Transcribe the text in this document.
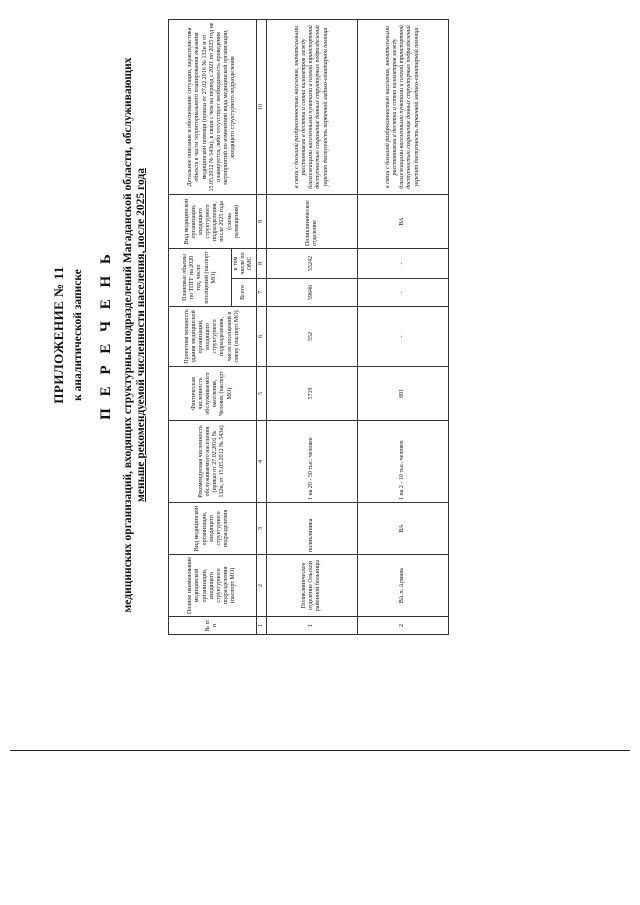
ПРИЛОЖЕНИЕ № 11 к аналитической записке П Е Р Е Ч Е Н Ь медицинских организаций, входящих структурных подразделений Магаданской области, обслуживающих меньше рекомендуемой численности населения, после 2025 года
№ п/п	Полное наименование медицинской организации, входящего структурного подразделения (паспорт МО)	Вид медицинской организации, входящего структурного подразделения	Рекомендуемая численность обслуживаемого населения (приказ от 27.02.2016 № 132н, от 15.05.2012 № 543н)	Фактическая численность обслуживаемого населения, Человек (паспорт МО)	Проектная мощность здания медицинской организации, входящего структурного подразделения, число посещений в смену (паспорт МО)	Плановые объемы по ТПГГ на 2020 год, число посещений (паспорт МО)		Вид медицинской организации, входящего структурного подразделения, после 2025 года (схема размещения)	Детальное описание и обоснование ситуации, характеристика объекта в части территориального планирования оказания медицинской помощи (приказ от 27.02.2016 № 132н и от 15.05.2012 № 543н), в связи с чем на период с 2021 по 2025 год не планируется, либо отсутствует необходимость проведения мероприятий по изменению вида медицинской организации, входящего структурного подразделения
						Всего	в том числе по ОМС		
1	2	3	4	5	6	7	8	9	10
1	Поликлиническое отделение Ольской районной больницы	поликлиника	1 на 20 - 50 тыс. человек	5719	552	59646	55242	Поликлиническое отделение	в связи с большой разбросанностью населения, значительными расстояниями в десятки и сотни километров между близлежащими населенными пунктами и плохой транспортной доступностью сохранение данных структурных подразделений укрепит доступность первичной медико-санитарной помощи
2	ВА п. Армань	ВА	1 на 2 - 10 тыс. человек	891	-	-	-	ВА	в связи с большой разбросанностью населения, значительными расстояниями в десятки и сотни километров между близлежащими населенными пунктами и плохой транспортной доступностью сохранение данных структурных подразделений укрепит доступность первичной медико-санитарной помощи
